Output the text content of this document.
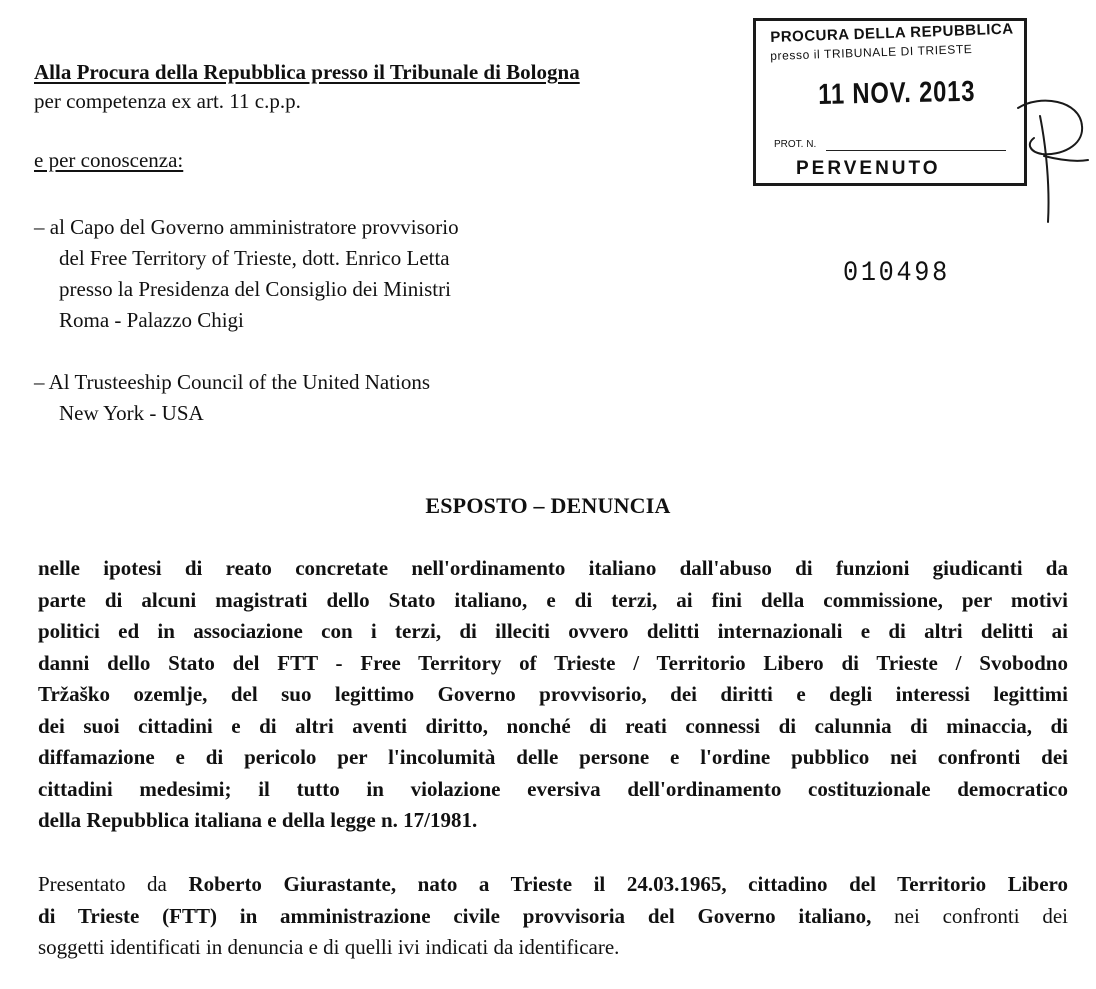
Alla Procura della Repubblica presso il Tribunale di Bologna
per competenza ex art. 11 c.p.p.
e per conoscenza:
– al Capo del Governo amministratore provvisorio
del Free Territory of Trieste, dott. Enrico Letta
presso la Presidenza del Consiglio dei Ministri
Roma - Palazzo Chigi
– Al Trusteeship Council of the United Nations
New York - USA
PROCURA DELLA REPUBBLICA
presso il TRIBUNALE DI TRIESTE
11 NOV. 2013
PROT. N.
PERVENUTO
010498
ESPOSTO – DENUNCIA
nelle ipotesi di reato concretate nell'ordinamento italiano dall'abuso di funzioni giudicanti da
parte di alcuni magistrati dello Stato italiano, e di terzi, ai fini della commissione, per motivi
politici ed in associazione con i terzi, di illeciti ovvero delitti internazionali e di altri delitti ai
danni dello Stato del FTT - Free Territory of Trieste / Territorio Libero di Trieste / Svobodno
Tržaško ozemlje, del suo legittimo Governo provvisorio, dei diritti e degli interessi legittimi
dei suoi cittadini e di altri aventi diritto, nonché di reati connessi di calunnia di minaccia, di
diffamazione e di pericolo per l'incolumità delle persone e l'ordine pubblico nei confronti dei
cittadini medesimi; il tutto in violazione eversiva dell'ordinamento costituzionale democratico
della Repubblica italiana e della legge n. 17/1981.
Presentato da Roberto Giurastante, nato a Trieste il 24.03.1965, cittadino del Territorio Libero
di Trieste (FTT) in amministrazione civile provvisoria del Governo italiano, nei confronti dei
soggetti identificati in denuncia e di quelli ivi indicati da identificare.
